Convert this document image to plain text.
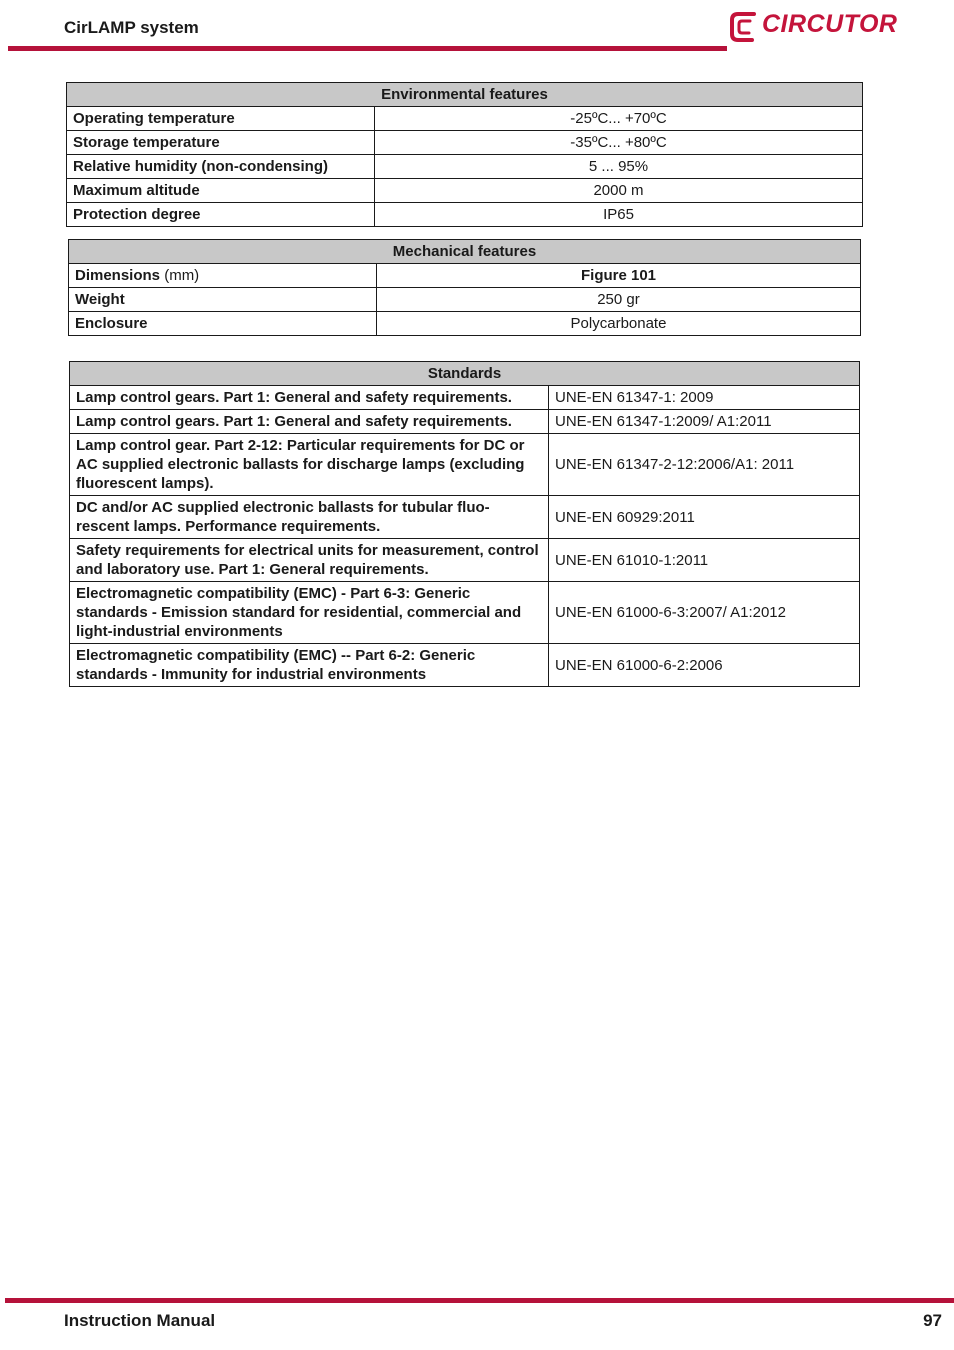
CirLAMP system	CIRCUTOR
Environmental features	
Operating temperature	-25ºC... +70ºC
Storage temperature	-35ºC... +80ºC
Relative humidity (non-condensing)	5 ... 95%
Maximum altitude	2000 m
Protection degree	IP65
Mechanical features	
Dimensions (mm)	Figure 101
Weight	250 gr
Enclosure	Polycarbonate
Standards	
Lamp control gears. Part 1: General and safety requirements.	UNE-EN 61347-1: 2009
Lamp control gears. Part 1: General and safety requirements.	UNE-EN 61347-1:2009/ A1:2011
Lamp control gear. Part 2-12: Particular requirements for DC or AC supplied electronic ballasts for discharge lamps (excluding fluorescent lamps).	UNE-EN 61347-2-12:2006/A1: 2011
DC and/or AC supplied electronic ballasts for tubular fluo-rescent lamps. Performance requirements.	UNE-EN 60929:2011
Safety requirements for electrical units for measurement, control and laboratory use. Part 1: General requirements.	UNE-EN 61010-1:2011
Electromagnetic compatibility (EMC) - Part 6-3: Generic standards - Emission standard for residential, commercial and light-industrial environments	UNE-EN 61000-6-3:2007/ A1:2012
Electromagnetic compatibility (EMC) -- Part 6-2: Generic standards - Immunity for industrial environments	UNE-EN 61000-6-2:2006
Instruction Manual	97
